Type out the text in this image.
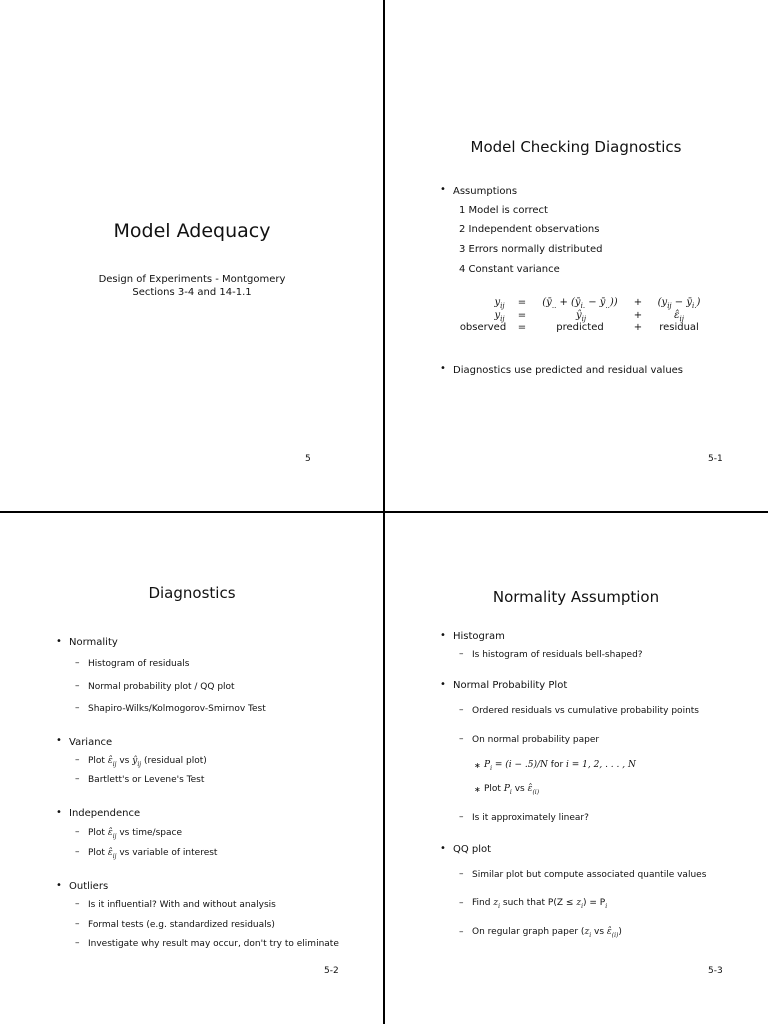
Model Adequacy
Design of Experiments - Montgomery
Sections 3-4 and 14-1.1
5
Model Checking Diagnostics
• Assumptions
1 Model is correct
2 Independent observations
3 Errors normally distributed
4 Constant variance
$y_{ij}$ =	($ȳ_{..}$ + ($ȳ_{i.}$ − $ȳ_{..}$))	+	($y_{ij}$ − $ȳ_{i.}$)
$y_{ij}$ =	$ŷ_{ij}$	+	$\varepsilon̂_{ij}$
observed	=	predicted	+	residual
• Diagnostics use predicted and residual values
5-1
Diagnostics
• Normality
– Histogram of residuals
– Normal probability plot / QQ plot
– Shapiro-Wilks/Kolmogorov-Smirnov Test
• Variance
– Plot $\varepsilon̂_{ij}$ vs $ŷ_{ij}$ (residual plot)
– Bartlett's or Levene's Test
• Independence
– Plot $\varepsilon̂_{ij}$ vs time/space
– Plot $\varepsilon̂_{ij}$ vs variable of interest
• Outliers
– Is it influential? With and without analysis
– Formal tests (e.g. standardized residuals)
– Investigate why result may occur, don't try to eliminate
5-2
Normality Assumption
• Histogram
– Is histogram of residuals bell-shaped?
• Normal Probability Plot
– Ordered residuals vs cumulative probability points
– On normal probability paper
∗ $P_i = (i - .5)/N$ for i = 1, 2, . . . , N
∗ Plot $P_i$ vs $\varepsilon̂_{(i)}$
– Is it approximately linear?
• QQ plot
– Similar plot but compute associated quantile values
– Find $z_i$ such that $P(Z \le z_i) = P_i$
– On regular graph paper ($z_i$ vs $\varepsilon̂_{(i)}$)
5-3
